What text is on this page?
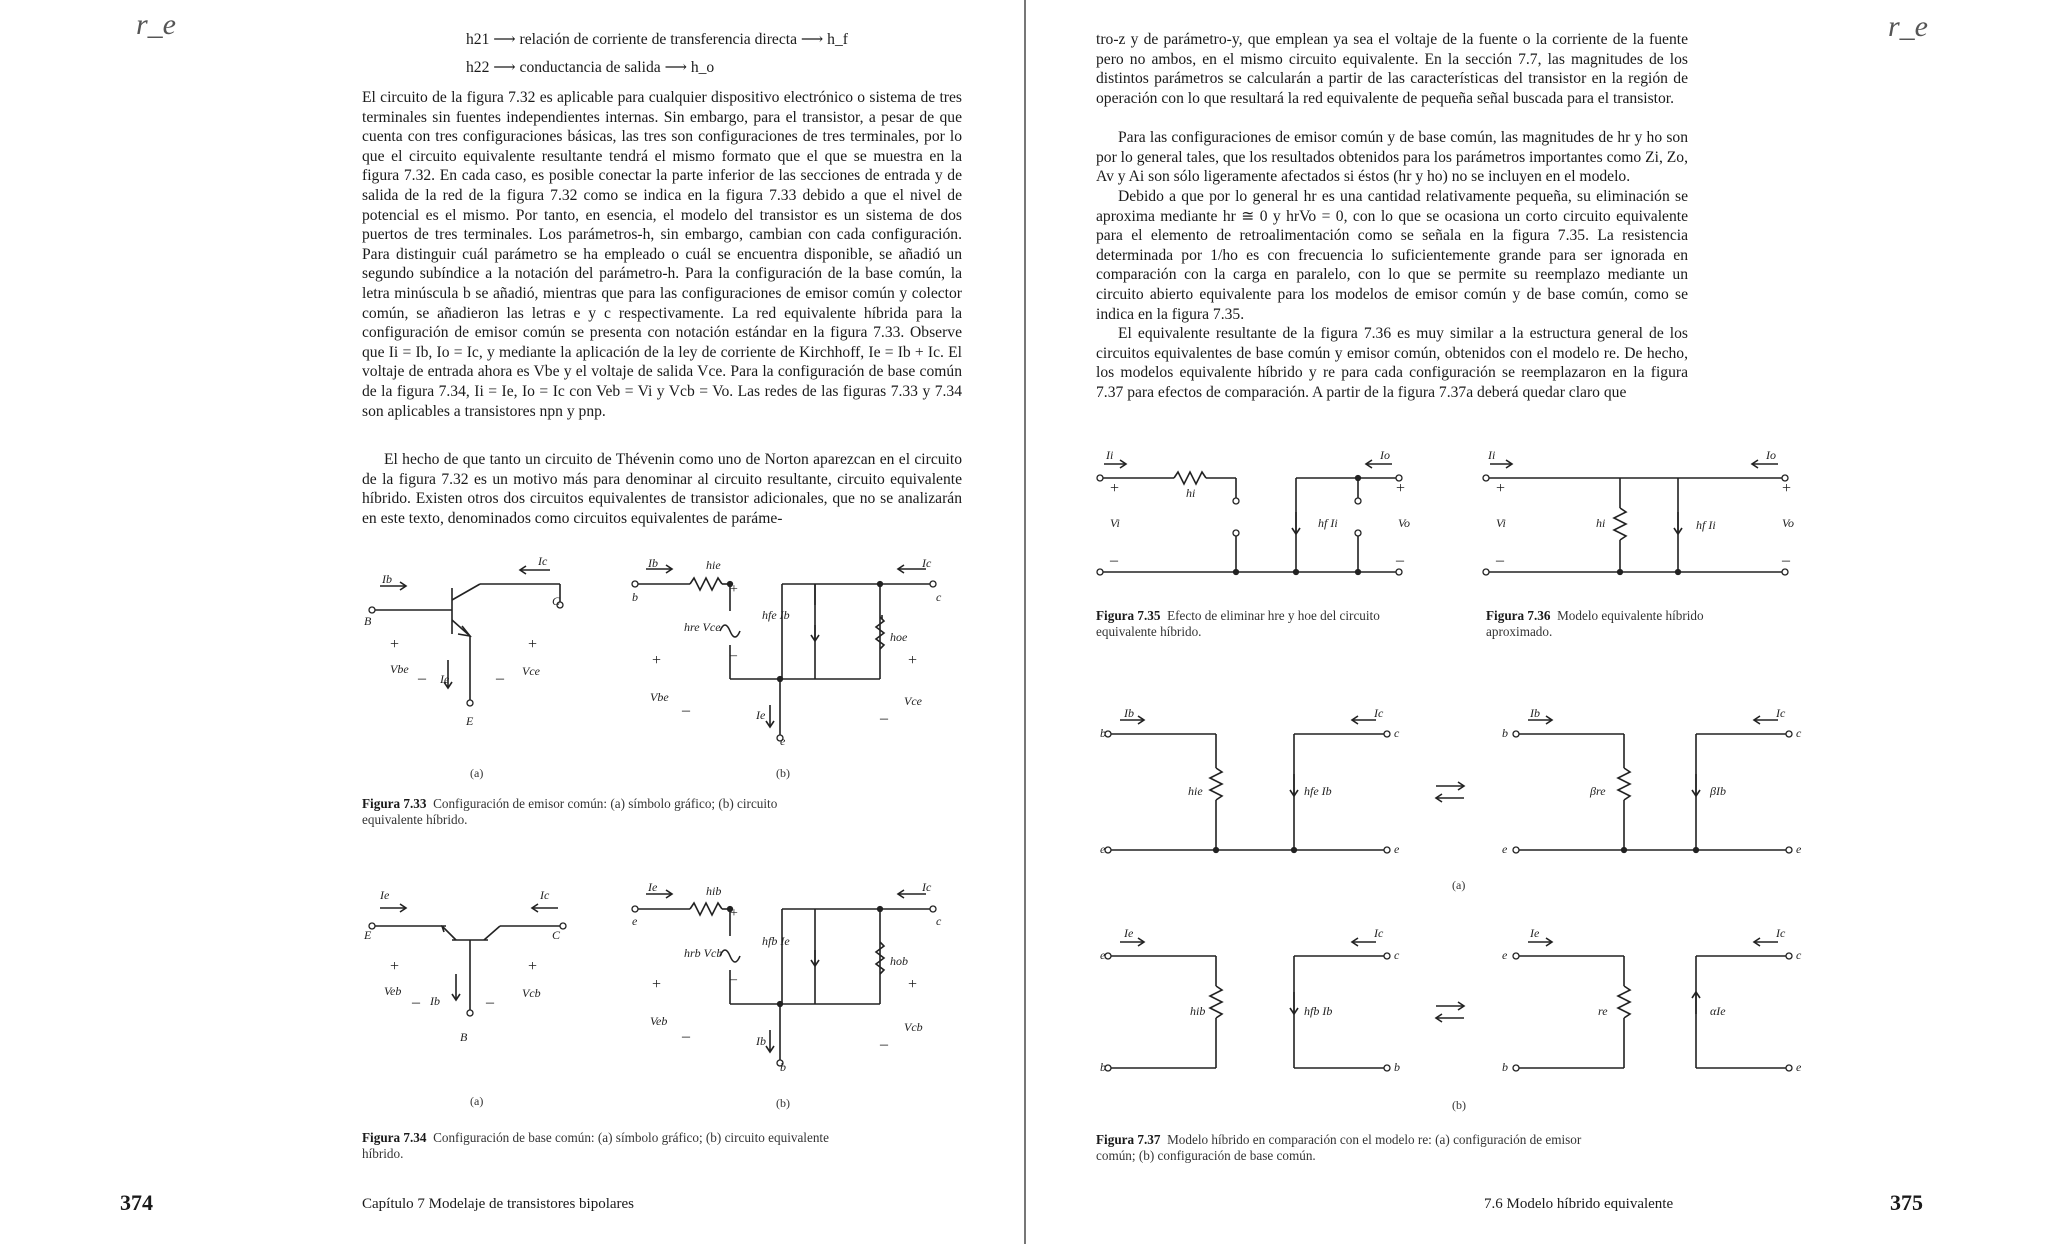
r_e	h21 ⟶ relación de corriente de transferencia directa ⟶ h_f
h22 ⟶ conductancia de salida ⟶ h_o

El circuito de la figura 7.32 es aplicable para cualquier dispositivo electrónico o sistema de tres terminales sin fuentes independientes internas. Sin embargo, para el transistor, a pesar de que cuenta con tres configuraciones básicas, las tres son configuraciones de tres terminales, por lo que el circuito equivalente resultante tendrá el mismo formato que el que se muestra en la figura 7.32. En cada caso, es posible conectar la parte inferior de las secciones de entrada y de salida de la red de la figura 7.32 como se indica en la figura 7.33 debido a que el nivel de potencial es el mismo. Por tanto, en esencia, el modelo del transistor es un sistema de dos puertos de tres terminales. Los parámetros-h, sin embargo, cambian con cada configuración. Para distinguir cuál parámetro se ha empleado o cuál se encuentra disponible, se añadió un segundo subíndice a la notación del parámetro-h. Para la configuración de la base común, la letra minúscula b se añadió, mientras que para las configuraciones de emisor común y colector común, se añadieron las letras e y c respectivamente. La red equivalente híbrida para la configuración de emisor común se presenta con notación estándar en la figura 7.33. Observe que Ii = Ib, Io = Ic, y mediante la aplicación de la ley de corriente de Kirchhoff, Ie = Ib + Ic. El voltaje de entrada ahora es Vbe y el voltaje de salida Vce. Para la configuración de base común de la figura 7.34, Ii = Ie, Io = Ic con Veb = Vi y Vcb = Vo. Las redes de las figuras 7.33 y 7.34 son aplicables a transistores npn y pnp.

El hecho de que tanto un circuito de Thévenin como uno de Norton aparezcan en el circuito de la figura 7.32 es un motivo más para denominar al circuito resultante, circuito equivalente híbrido. Existen otros dos circuitos equivalentes de transistor adicionales, que no se analizarán en este texto, denominados como circuitos equivalentes de paráme-

Ib
Ic
B
C
E
+	+
–	–
Vbe	Vce
Ie
(a)
Ib	hie	Ic
b	c
hfe Ib
hre Vce
hoe
Vbe	Vce
Ie
e
+	+
+
–
–	–
(b)
Figura 7.33 Configuración de emisor común: (a) símbolo gráfico; (b) circuito equivalente híbrido.
Ie	Ic
E	C
B
+	+
–	–
Veb	Vcb
Ib
(a)
Ie	hib	Ic
e	c
hfb Ie
hrb Vcb
hob
Veb	Vcb
Ib
b
+	+
+
–
–	–
(b)
Figura 7.34 Configuración de base común: (a) símbolo gráfico; (b) circuito equivalente híbrido.
374	Capítulo 7 Modelaje de transistores bipolares
r_e

tro-z y de parámetro-y, que emplean ya sea el voltaje de la fuente o la corriente de la fuente pero no ambos, en el mismo circuito equivalente. En la sección 7.7, las magnitudes de los distintos parámetros se calcularán a partir de las características del transistor en la región de operación con lo que resultará la red equivalente de pequeña señal buscada para el transistor.

Para las configuraciones de emisor común y de base común, las magnitudes de hr y ho son por lo general tales, que los resultados obtenidos para los parámetros importantes como Zi, Zo, Av y Ai son sólo ligeramente afectados si éstos (hr y ho) no se incluyen en el modelo.

Debido a que por lo general hr es una cantidad relativamente pequeña, su eliminación se aproxima mediante hr ≅ 0 y hrVo = 0, con lo que se ocasiona un corto circuito equivalente para el elemento de retroalimentación como se señala en la figura 7.35. La resistencia determinada por 1/ho es con frecuencia lo suficientemente grande para ser ignorada en comparación con la carga en paralelo, con lo que se permite su reemplazo mediante un circuito abierto equivalente para los modelos de emisor común y de base común, como se indica en la figura 7.35.

El equivalente resultante de la figura 7.36 es muy similar a la estructura general de los circuitos equivalentes de base común y emisor común, obtenidos con el modelo re. De hecho, los modelos equivalente híbrido y re para cada configuración se reemplazaron en la figura 7.37 para efectos de comparación. A partir de la figura 7.37a deberá quedar claro que

Ii	Io
hi
Vi	Vo
hf Ii
+	+
–	–
Figura 7.35 Efecto de eliminar hre y hoe del circuito equivalente híbrido.
Ii	Io
hi
Vi	Vo
hf Ii
+	+
–	–
Figura 7.36 Modelo equivalente híbrido aproximado.
Ib	Ic
b	c
e	e
hie	hfe Ib
Ib	Ic
b	c
e	e
βre	βIb
(a)
Ie	Ic
e	c
b	b
hib	hfb Ib
Ie	Ic
e	c
b	e
re	αIe
(b)
Figura 7.37 Modelo híbrido en comparación con el modelo re: (a) configuración de emisor común; (b) configuración de base común.
7.6 Modelo híbrido equivalente	375
